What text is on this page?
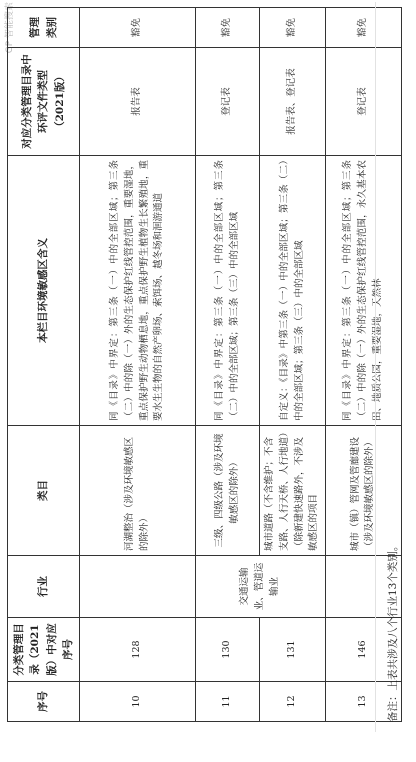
GP 智能搜索
序号	分类管理目录（2021版）中对应序号	行业	类目	本栏目环境敏感区含义	对应分类管理目录中环评文件类型（2021版）	管理类别
10	128		河湖整治（涉及环境敏感区的除外）	同《目录》中界定：第三条（一）中的全部区域；第三条（二）中的除（一）外的生态保护红线管控范围，重要湿地，重点保护野生动物栖息地，重点保护野生植物生长繁殖地，重要水生生物的自然产卵场、索饵场、越冬场和洄游通道	报告表	豁免
11	130	交通运输业、管道运输业	三级、四级公路（涉及环境敏感区的除外）	同《目录》中界定：第三条（一）中的全部区域；第三条（二）中的全部区域；第三条（三）中的全部区域	登记表	豁免
12	131		城市道路（不含维护；不含支路、人行天桥、人行地道）（除新建快速路外，不涉及敏感区的项目	自定义：《目录》中第三条（一）中的全部区域；第三条（二）中的全部区域；第三条（三）中的全部区域	报告表、登记表	豁免
13	146		城市（镇）管网及管廊建设（涉及环境敏感区的除外）	同《目录》中界定：第三条（一）中的全部区域；第三条（二）中的除（一）外的生态保护红线管控范围，永久基本农田、地质公园，重要湿地，天然林	登记表	豁免
备注：上表共涉及八个行业13个类别。
